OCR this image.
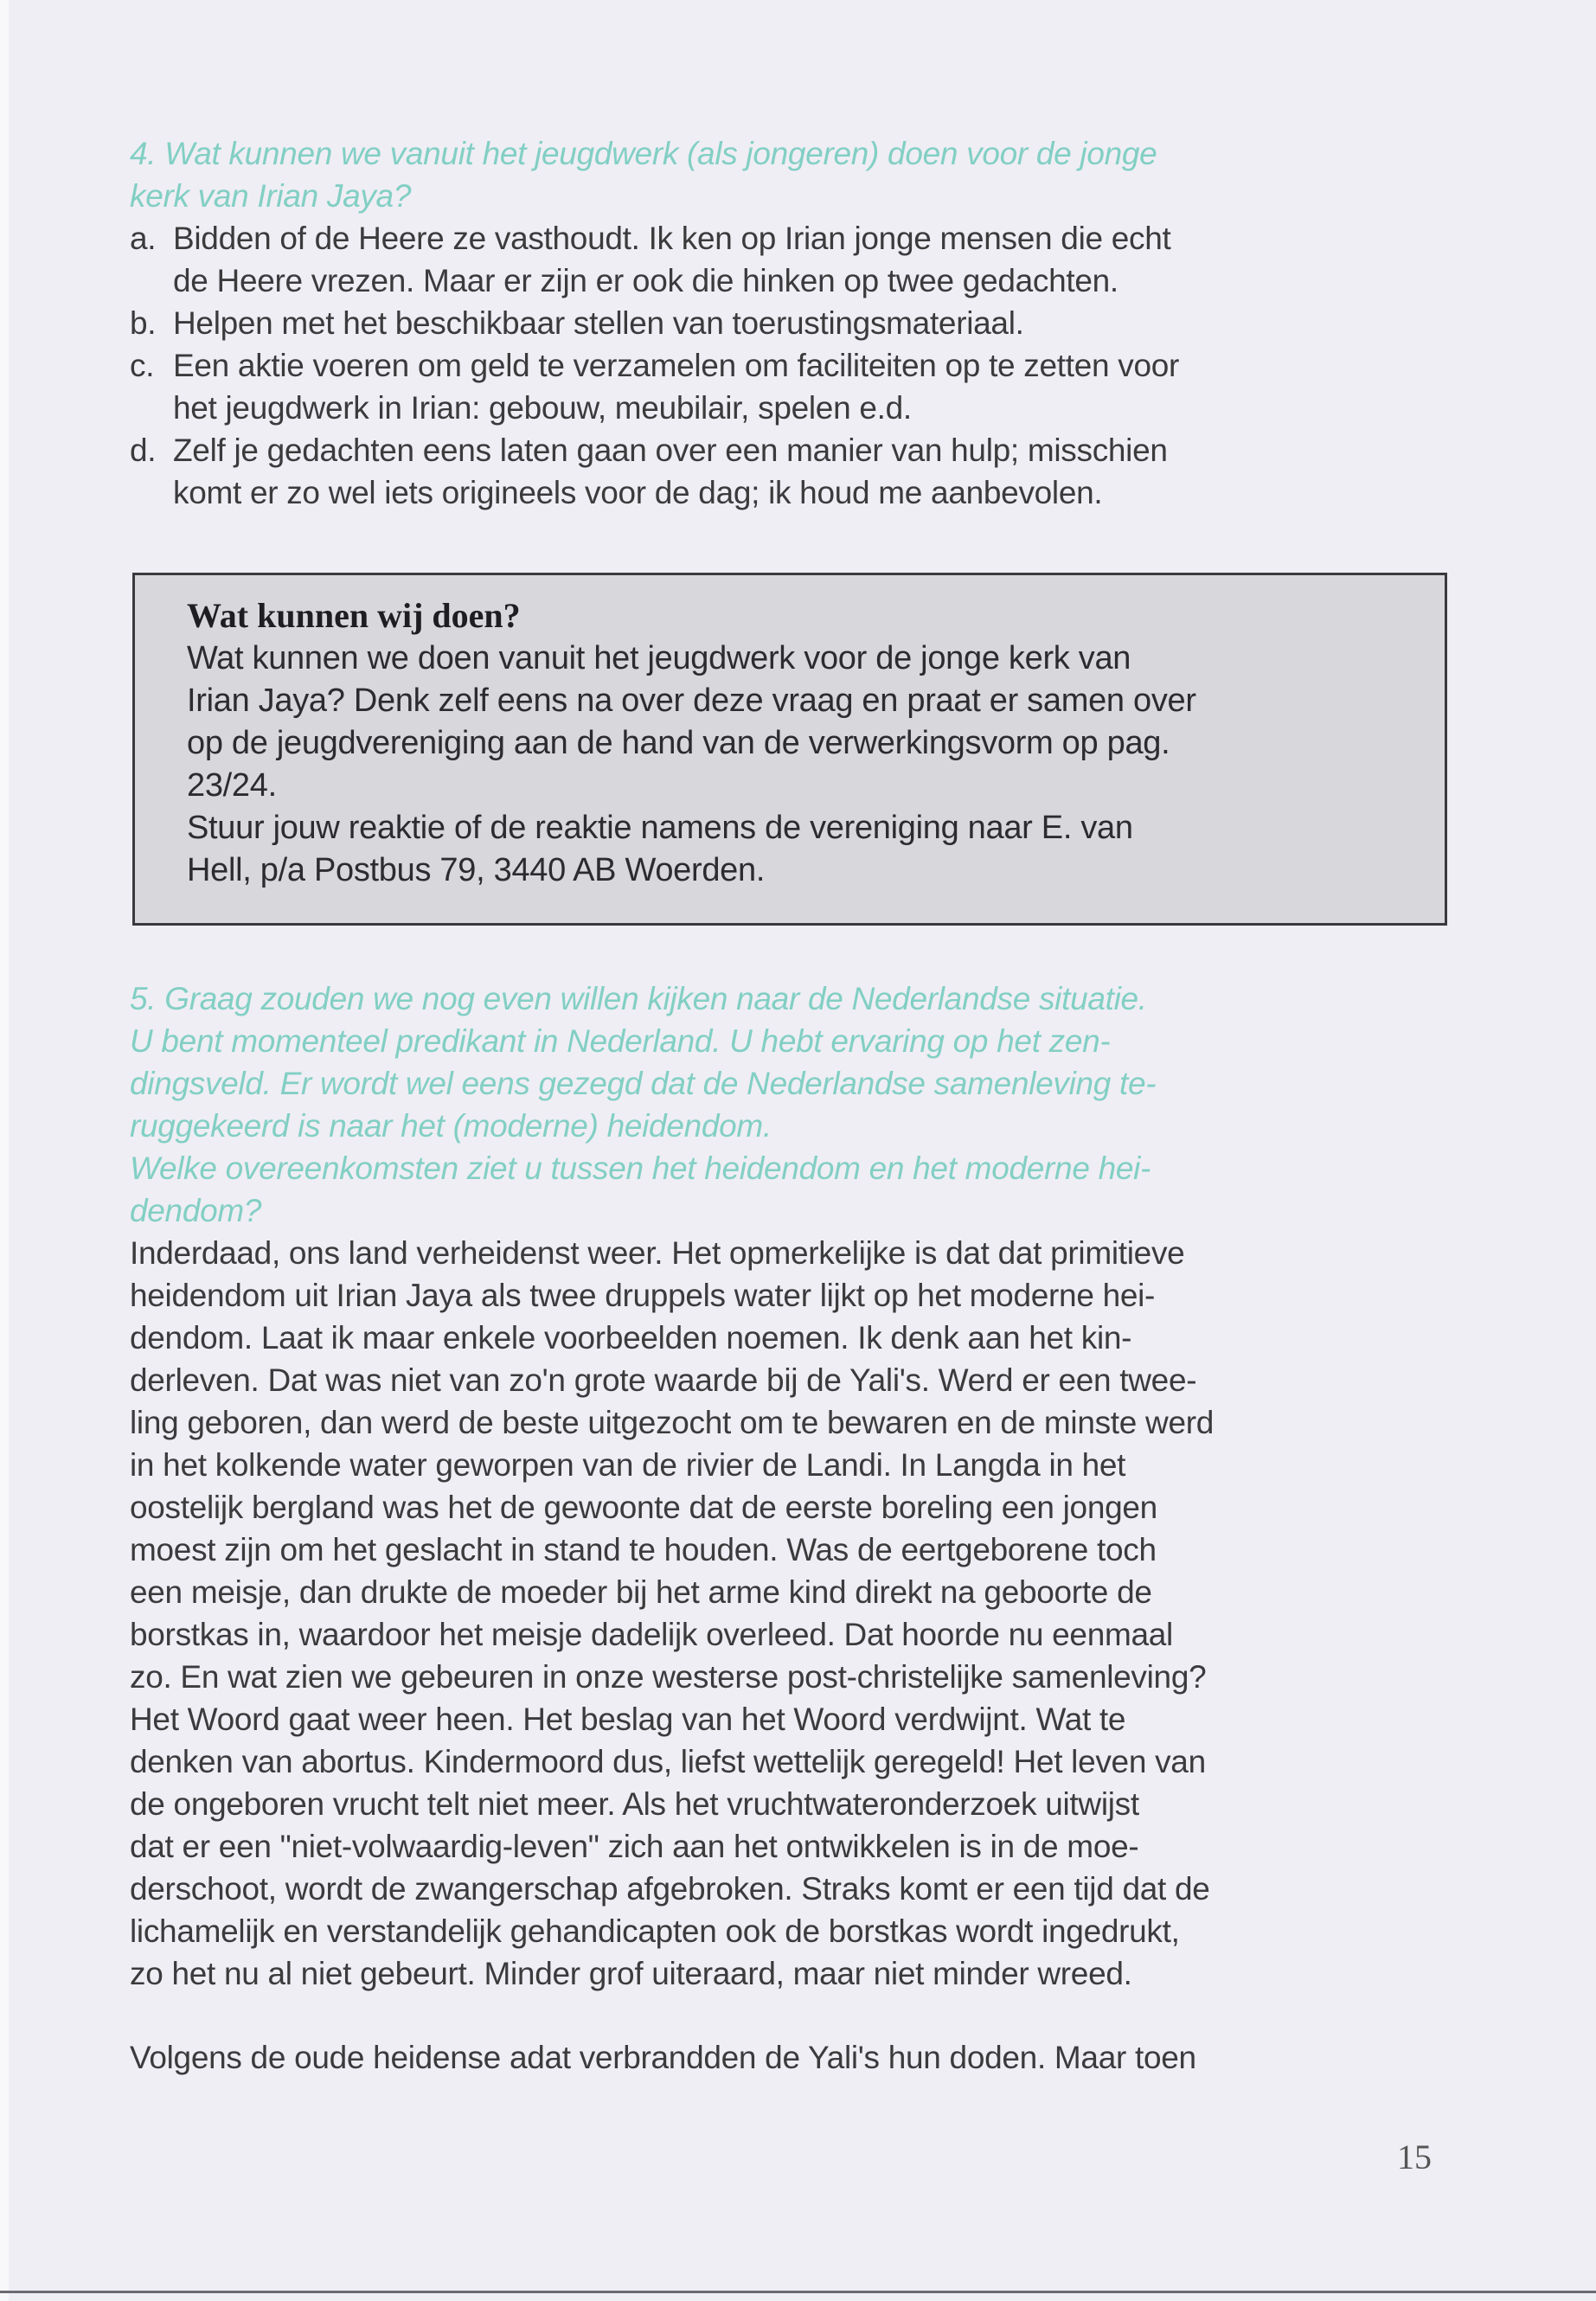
4. Wat kunnen we vanuit het jeugdwerk (als jongeren) doen voor de jonge
kerk van Irian Jaya?
a. Bidden of de Heere ze vasthoudt. Ik ken op Irian jonge mensen die echt
de Heere vrezen. Maar er zijn er ook die hinken op twee gedachten.
b. Helpen met het beschikbaar stellen van toerustingsmateriaal.
c. Een aktie voeren om geld te verzamelen om faciliteiten op te zetten voor
het jeugdwerk in Irian: gebouw, meubilair, spelen e.d.
d. Zelf je gedachten eens laten gaan over een manier van hulp; misschien
komt er zo wel iets origineels voor de dag; ik houd me aanbevolen.
Wat kunnen wij doen?
Wat kunnen we doen vanuit het jeugdwerk voor de jonge kerk van
Irian Jaya? Denk zelf eens na over deze vraag en praat er samen over
op de jeugdvereniging aan de hand van de verwerkingsvorm op pag.
23/24.
Stuur jouw reaktie of de reaktie namens de vereniging naar E. van
Hell, p/a Postbus 79, 3440 AB Woerden.
5. Graag zouden we nog even willen kijken naar de Nederlandse situatie.
U bent momenteel predikant in Nederland. U hebt ervaring op het zen-
dingsveld. Er wordt wel eens gezegd dat de Nederlandse samenleving te-
ruggekeerd is naar het (moderne) heidendom.
Welke overeenkomsten ziet u tussen het heidendom en het moderne hei-
dendom?
Inderdaad, ons land verheidenst weer. Het opmerkelijke is dat dat primitieve
heidendom uit Irian Jaya als twee druppels water lijkt op het moderne hei-
dendom. Laat ik maar enkele voorbeelden noemen. Ik denk aan het kin-
derleven. Dat was niet van zo'n grote waarde bij de Yali's. Werd er een twee-
ling geboren, dan werd de beste uitgezocht om te bewaren en de minste werd
in het kolkende water geworpen van de rivier de Landi. In Langda in het
oostelijk bergland was het de gewoonte dat de eerste boreling een jongen
moest zijn om het geslacht in stand te houden. Was de eertgeborene toch
een meisje, dan drukte de moeder bij het arme kind direkt na geboorte de
borstkas in, waardoor het meisje dadelijk overleed. Dat hoorde nu eenmaal
zo. En wat zien we gebeuren in onze westerse post-christelijke samenleving?
Het Woord gaat weer heen. Het beslag van het Woord verdwijnt. Wat te
denken van abortus. Kindermoord dus, liefst wettelijk geregeld! Het leven van
de ongeboren vrucht telt niet meer. Als het vruchtwateronderzoek uitwijst
dat er een "niet-volwaardig-leven" zich aan het ontwikkelen is in de moe-
derschoot, wordt de zwangerschap afgebroken. Straks komt er een tijd dat de
lichamelijk en verstandelijk gehandicapten ook de borstkas wordt ingedrukt,
zo het nu al niet gebeurt. Minder grof uiteraard, maar niet minder wreed.
Volgens de oude heidense adat verbrandden de Yali's hun doden. Maar toen
15
